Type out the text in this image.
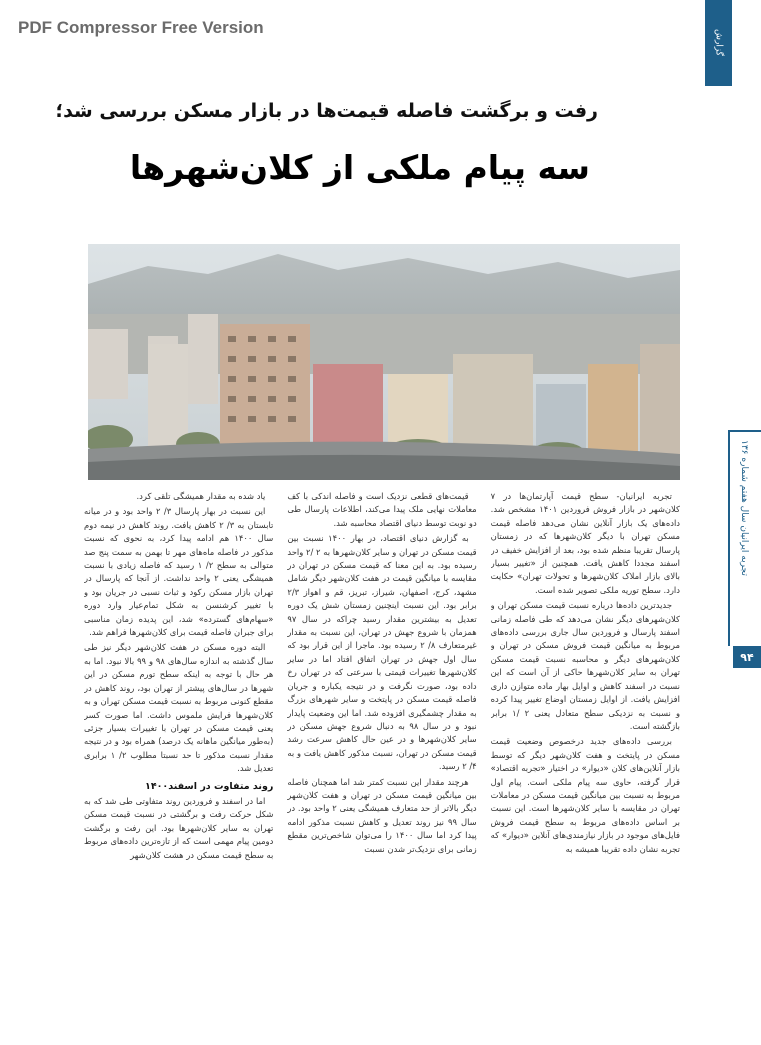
PDF Compressor Free Version
گزارش
تجربه ایرانیان سال هفتم شماره ۱۳۶
۹۴
رفت و برگشت فاصله قیمت‌ها در بازار مسکن بررسی شد؛
سه پیام ملکی از کلان‌شهرها

تجربه ایرانیان- سطح قیمت آپارتمان‌ها در ۷ کلان‌شهر در بازار فروش فروردین ۱۴۰۱ مشخص شد. داده‌های یک بازار آنلاین نشان می‌دهد فاصله قیمت مسکن تهران با دیگر کلان‌شهرها که در زمستان پارسال تقریبا منظم شده بود، بعد از افزایش خفیف در اسفند مجددا کاهش یافت. همچنین از «تغییر بسیار بالای بازار املاک کلان‌شهرها و تحولات تهران» حکایت دارد. سطح توریه ملکی تصویر شده است.

جدیدترین داده‌ها درباره نسبت قیمت مسکن تهران و کلان‌شهرهای دیگر نشان می‌دهد که طی فاصله زمانی اسفند پارسال و فروردین سال جاری بررسی داده‌های مربوط به میانگین قیمت فروش مسکن در تهران و کلان‌شهرهای دیگر و محاسبه نسبت قیمت مسکن تهران به سایر کلان‌شهرها حاکی از آن است که این نسبت در اسفند کاهش و اوایل بهار ماده متوازن داری افزایش یافت. از اوایل زمستان اوضاع تغییر پیدا کرده و نسبت به نزدیکی سطح متعادل یعنی ۲ /۱ برابر بازگشته است.

بررسی داده‌های جدید درخصوص وضعیت قیمت مسکن در پایتخت و هفت کلان‌شهر دیگر که توسط بازار آنلاین‌های کلان «دیوار» در اختیار «تجربه اقتصاد» قرار گرفته، حاوی سه پیام ملکی است. پیام اول مربوط به نسبت بین میانگین قیمت مسکن در معاملات تهران در مقایسه با سایر کلان‌شهرها است. این نسبت بر اساس داده‌های مربوط به سطح قیمت فروش فایل‌های موجود در بازار نیازمندی‌های آنلاین «دیوار» که تجربه نشان داده تقریبا همیشه به

قیمت‌های قطعی نزدیک است و فاصله اندکی با کف معاملات نهایی ملک پیدا می‌کند، اطلاعات پارسال طی دو نوبت توسط دنیای اقتصاد محاسبه شد.

به گزارش دنیای اقتصاد، در بهار ۱۴۰۰ نسبت بین قیمت مسکن در تهران و سایر کلان‌شهرها به ۲ /۲ واحد رسیده بود. به این معنا که قیمت مسکن در تهران در مقایسه با میانگین قیمت در هفت کلان‌شهر دیگر شامل مشهد، کرج، اصفهان، شیراز، تبریز، قم و اهواز ۲/۳ برابر بود. این نسبت اینچنین زمستان شش یک دوره تعدیل به بیشترین مقدار رسید چراکه در سال ۹۷ همزمان با شروع جهش در تهران، این نسبت به مقدار غیرمتعارف ۸/ ۲ رسیده بود. ماجرا از این قرار بود که سال اول جهش در تهران اتفاق افتاد اما در سایر کلان‌شهرها تغییرات قیمتی با سرعتی که در تهران رخ داده بود، صورت نگرفت و در نتیجه یکباره و جریان فاصله قیمت مسکن در پایتخت و سایر شهرهای بزرگ به مقدار چشمگیری افزوده شد. اما این وضعیت پایدار نبود و در سال ۹۸ به دنبال شروع جهش مسکن در سایر کلان‌شهرها و در عین حال کاهش سرعت رشد قیمت مسکن در تهران، نسبت مذکور کاهش یافت و به ۴/ ۲ رسید.

هرچند مقدار این نسبت کمتر شد اما همچنان فاصله بین میانگین قیمت مسکن در تهران و هفت کلان‌شهر دیگر بالاتر از حد متعارف همیشگی یعنی ۲ واحد بود. در سال ۹۹ نیز روند تعدیل و کاهش نسبت مذکور ادامه پیدا کرد اما سال ۱۴۰۰ را می‌توان شاخص‌ترین مقطع زمانی برای نزدیک‌تر شدن نسبت

یاد شده به مقدار همیشگی تلقی کرد.

این نسبت در بهار پارسال ۳/ ۲ واحد بود و در میانه تابستان به ۳/ ۲ کاهش یافت. روند کاهش در نیمه دوم سال ۱۴۰۰ هم ادامه پیدا کرد، به نحوی که نسبت مذکور در فاصله ماه‌های مهر تا بهمن به سمت پنج صد متوالی به سطح ۲/ ۱ رسید که فاصله زیادی با نسبت همیشگی یعنی ۲ واحد نداشت. از آنجا که پارسال در تهران بازار مسکن رکود و ثبات نسبی در جریان بود و با تغییر کرشنسن به شکل تمام‌عیار وارد دوره «سهام‌های گسترده» شد، این پدیده زمان مناسبی برای جبران فاصله قیمت برای کلان‌شهرها فراهم شد.

البته دوره مسکن در هفت کلان‌شهر دیگر نیز طی سال گذشته به اندازه سال‌های ۹۸ و ۹۹ بالا نبود. اما به هر حال با توجه به اینکه سطح تورم مسکن در این شهرها در سال‌های پیشتر از تهران بود، روند کاهش در مقطع کنونی مربوط به نسبت قیمت مسکن تهران و به کلان‌شهرها فرایش ملموس داشت. اما صورت کسر یعنی قیمت مسکن در تهران با تغییرات بسیار جزئی (به‌طور میانگین ماهانه یک درصد) همراه بود و در نتیجه مقدار نسبت مذکور تا حد نسبتا مطلوب ۲/ ۱ برابری تعدیل شد.

روند متفاوت در اسفند۱۴۰۰

اما در اسفند و فروردین روند متفاوتی طی شد که به شکل حرکت رفت و برگشتی در نسبت قیمت مسکن تهران به سایر کلان‌شهرها بود. این رفت و برگشت دومین پیام مهمی است که از تازه‌ترین داده‌های مربوط به سطح قیمت مسکن در هشت کلان‌شهر
